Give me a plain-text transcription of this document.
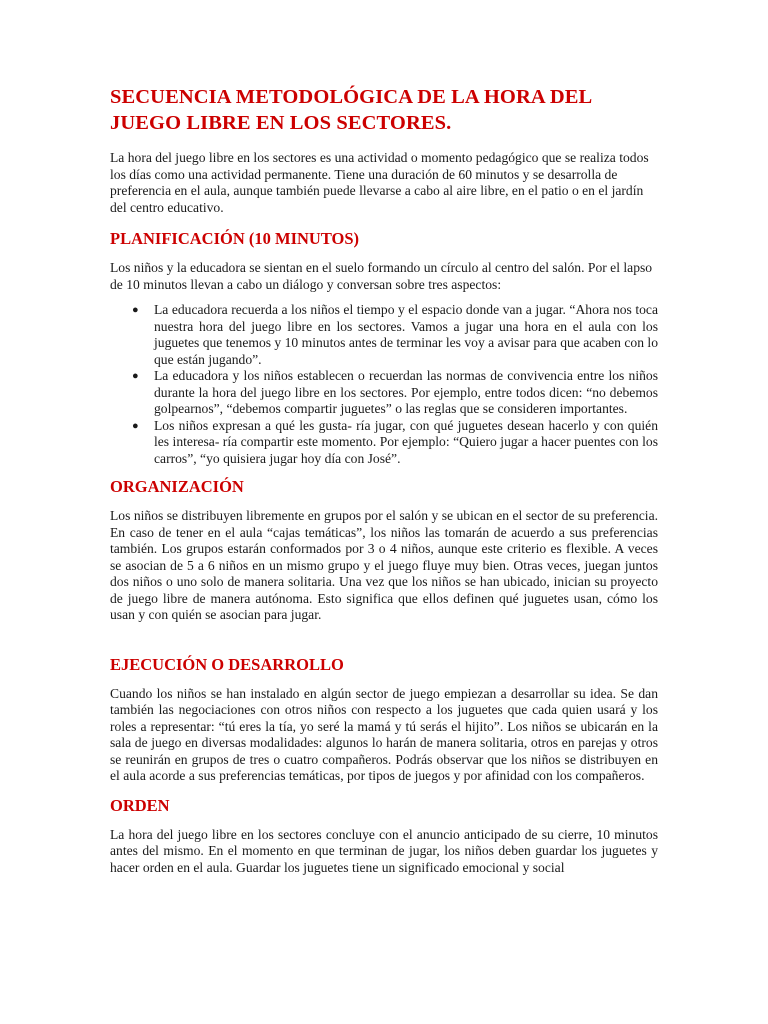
SECUENCIA METODOLÓGICA DE LA HORA DEL JUEGO LIBRE EN LOS SECTORES.

La hora del juego libre en los sectores es una actividad o momento pedagógico que se realiza todos los días como una actividad permanente. Tiene una duración de 60 minutos y se desarrolla de preferencia en el aula, aunque también puede llevarse a cabo al aire libre, en el patio o en el jardín del centro educativo.

PLANIFICACIÓN (10 MINUTOS)

Los niños y la educadora se sientan en el suelo formando un círculo al centro del salón. Por el lapso de 10 minutos llevan a cabo un diálogo y conversan sobre tres aspectos:

● La educadora recuerda a los niños el tiempo y el espacio donde van a jugar. “Ahora nos toca nuestra hora del juego libre en los sectores. Vamos a jugar una hora en el aula con los juguetes que tenemos y 10 minutos antes de terminar les voy a avisar para que acaben con lo que están jugando”.
● La educadora y los niños establecen o recuerdan las normas de convivencia entre los niños durante la hora del juego libre en los sectores. Por ejemplo, entre todos dicen: “no debemos golpearnos”, “debemos compartir juguetes” o las reglas que se consideren importantes.
● Los niños expresan a qué les gusta- ría jugar, con qué juguetes desean hacerlo y con quién les interesa- ría compartir este momento. Por ejemplo: “Quiero jugar a hacer puentes con los carros”, “yo quisiera jugar hoy día con José”.
ORGANIZACIÓN

Los niños se distribuyen libremente en grupos por el salón y se ubican en el sector de su preferencia. En caso de tener en el aula “cajas temáticas”, los niños las tomarán de acuerdo a sus preferencias también. Los grupos estarán conformados por 3 o 4 niños, aunque este criterio es flexible. A veces se asocian de 5 a 6 niños en un mismo grupo y el juego fluye muy bien. Otras veces, juegan juntos dos niños o uno solo de manera solitaria. Una vez que los niños se han ubicado, inician su proyecto de juego libre de manera autónoma. Esto significa que ellos definen qué juguetes usan, cómo los usan y con quién se asocian para jugar.

EJECUCIÓN O DESARROLLO

Cuando los niños se han instalado en algún sector de juego empiezan a desarrollar su idea. Se dan también las negociaciones con otros niños con respecto a los juguetes que cada quien usará y los roles a representar: “tú eres la tía, yo seré la mamá y tú serás el hijito”. Los niños se ubicarán en la sala de juego en diversas modalidades: algunos lo harán de manera solitaria, otros en parejas y otros se reunirán en grupos de tres o cuatro compañeros. Podrás observar que los niños se distribuyen en el aula acorde a sus preferencias temáticas, por tipos de juegos y por afinidad con los compañeros.

ORDEN

La hora del juego libre en los sectores concluye con el anuncio anticipado de su cierre, 10 minutos antes del mismo. En el momento en que terminan de jugar, los niños deben guardar los juguetes y hacer orden en el aula. Guardar los juguetes tiene un significado emocional y social
